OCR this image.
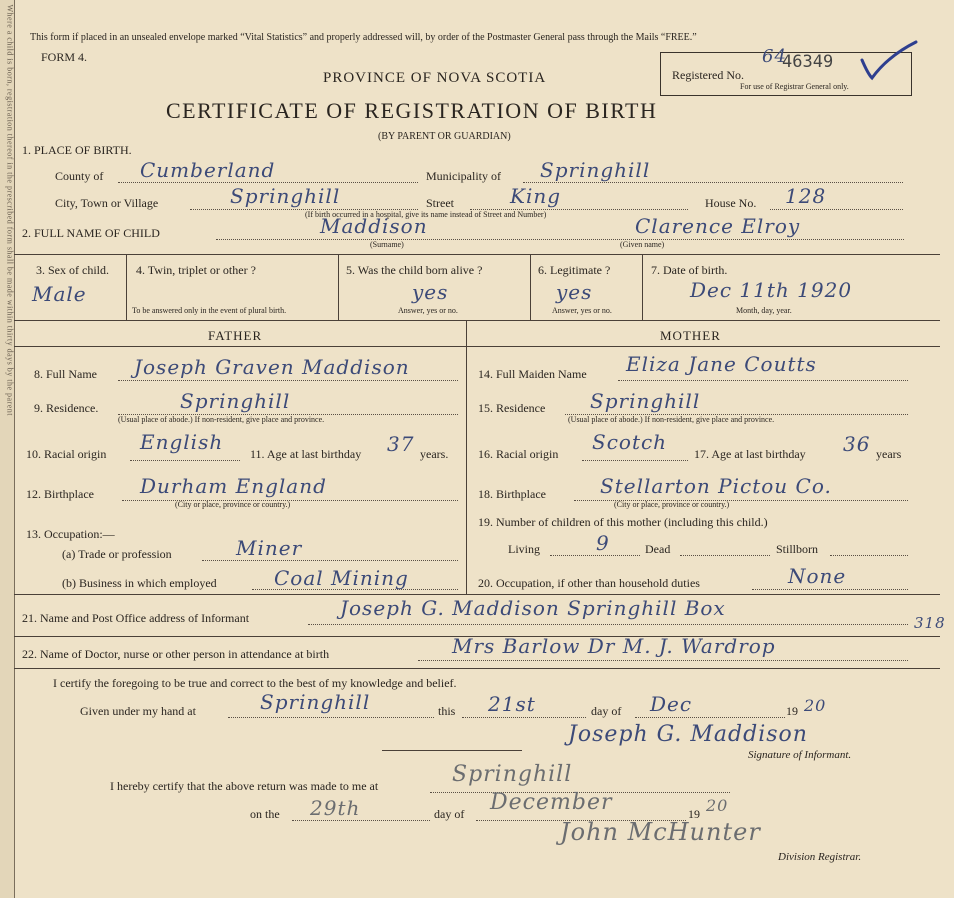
Where a child is born, registration thereof in the prescribed form shall be made within thirty days by the parent This form if placed in an unsealed envelope marked “Vital Statistics” and properly addressed will, by order of the Postmaster General pass through the Mails “FREE.”
FORM 4.
PROVINCE OF NOVA SCOTIA
CERTIFICATE OF REGISTRATION OF BIRTH
(BY PARENT OR GUARDIAN)
Registered No.
64
46349
For use of Registrar General only.
1. PLACE OF BIRTH.
County of Cumberland	Municipality of Springhill
City, Town or Village	Springhill	Street	King	House No. 128
(If birth occurred in a hospital, give its name instead of Street and Number)
2. FULL NAME OF CHILD	Maddison
(Surname)
Clarence Elroy
(Given name)
3. Sex of child.
Male
4. Twin, triplet or other ?
To be answered only in the event of plural birth.
5. Was the child born alive ?
yes
Answer, yes or no.
6. Legitimate ?
yes
Answer, yes or no.
7. Date of birth.
Dec 11th 1920
Month, day, year.
FATHER	MOTHER
8. Full Name Joseph Graven Maddison
9. Residence.	Springhill
(Usual place of abode.) If non-resident, give place and province.
10. Racial origin English 11. Age at last birthday 37 years.
12. Birthplace Durham England
(City or place, province or country.)
13. Occupation:—
(a) Trade or profession	Miner
(b) Business in which employed	Coal Mining
14. Full Maiden Name Eliza Jane Coutts
15. Residence Springhill
(Usual place of abode.) If non-resident, give place and province.
16. Racial origin Scotch 17. Age at last birthday 36 years
18. Birthplace	Stellarton Pictou Co.
(City or place, province or country.)
19. Number of children of this mother (including this child.)
Living	9	Dead	Stillborn
20. Occupation, if other than household duties	None
21. Name and Post Office address of Informant	Joseph G. Maddison Springhill Box
318
22. Name of Doctor, nurse or other person in attendance at birth	Mrs Barlow Dr M. J. Wardrop
I certify the foregoing to be true and correct to the best of my knowledge and belief.
Given under my hand at	Springhill	this 21st	day of Dec	19 20
Joseph G. Maddison
Signature of Informant.
I hereby certify that the above return was made to me at	Springhill
on the 29th	day of December	19 20
John McHunter
Division Registrar.
